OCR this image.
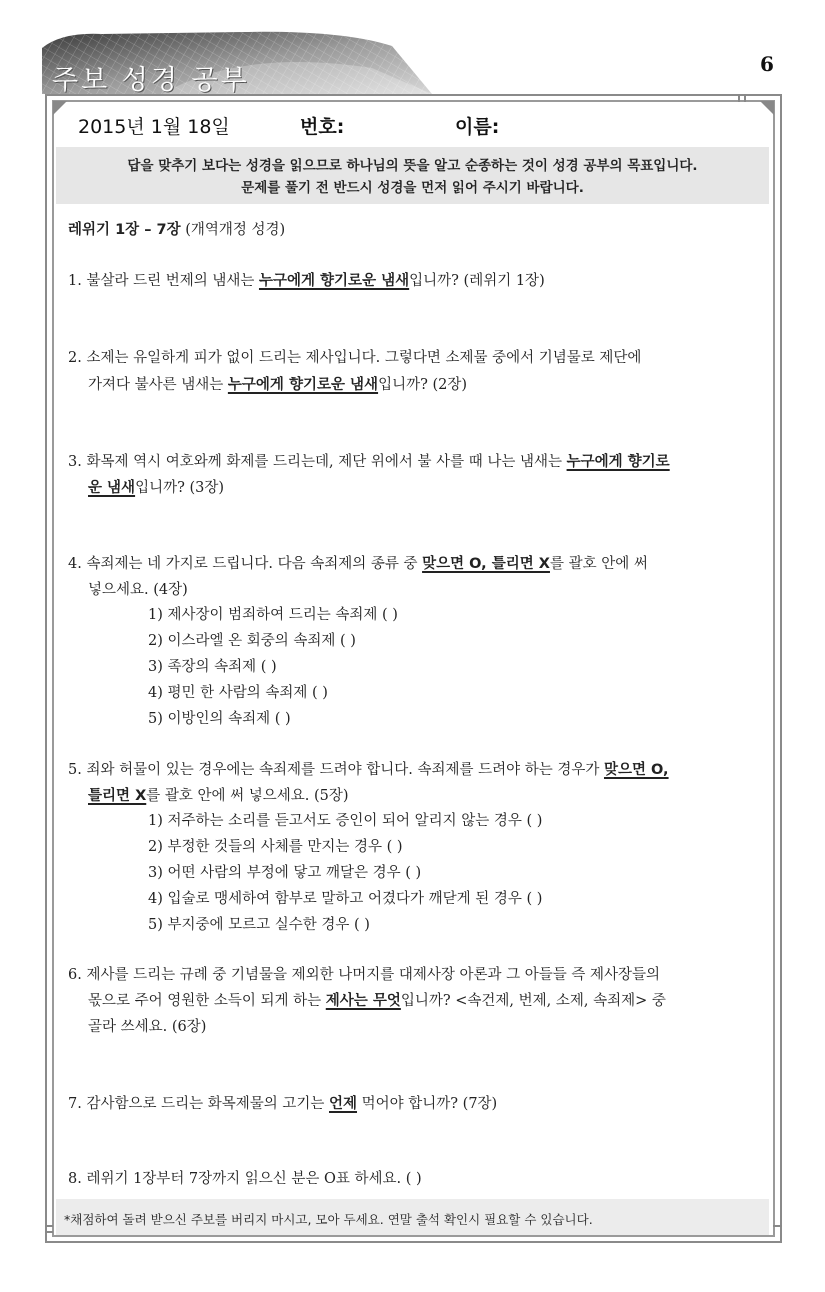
주보 성경 공부
6
2015년 1월 18일	번호:	이름:
답을 맞추기 보다는 성경을 읽으므로 하나님의 뜻을 알고 순종하는 것이 성경 공부의 목표입니다.
문제를 풀기 전 반드시 성경을 먼저 읽어 주시기 바랍니다.
레위기 1장 – 7장 (개역개정 성경)
1. 불살라 드린 번제의 냄새는 누구에게 향기로운 냄새입니까? (레위기 1장)
2. 소제는 유일하게 피가 없이 드리는 제사입니다. 그렇다면 소제물 중에서 기념물로 제단에
가져다 불사른 냄새는 누구에게 향기로운 냄새입니까? (2장)
3. 화목제 역시 여호와께 화제를 드리는데, 제단 위에서 불 사를 때 나는 냄새는 누구에게 향기로
운 냄새입니까? (3장)
4. 속죄제는 네 가지로 드립니다. 다음 속죄제의 종류 중 맞으면 O, 틀리면 X를 괄호 안에 써
넣으세요. (4장)
1) 제사장이 범죄하여 드리는 속죄제 ( )
2) 이스라엘 온 회중의 속죄제 ( )
3) 족장의 속죄제 ( )
4) 평민 한 사람의 속죄제 ( )
5) 이방인의 속죄제 ( )
5. 죄와 허물이 있는 경우에는 속죄제를 드려야 합니다. 속죄제를 드려야 하는 경우가 맞으면 O,
틀리면 X를 괄호 안에 써 넣으세요. (5장)
1) 저주하는 소리를 듣고서도 증인이 되어 알리지 않는 경우 ( )
2) 부정한 것들의 사체를 만지는 경우 ( )
3) 어떤 사람의 부정에 닿고 깨달은 경우 ( )
4) 입술로 맹세하여 함부로 말하고 어겼다가 깨닫게 된 경우 ( )
5) 부지중에 모르고 실수한 경우 ( )
6. 제사를 드리는 규례 중 기념물을 제외한 나머지를 대제사장 아론과 그 아들들 즉 제사장들의
몫으로 주어 영원한 소득이 되게 하는 제사는 무엇입니까? <속건제, 번제, 소제, 속죄제> 중
골라 쓰세요. (6장)
7. 감사함으로 드리는 화목제물의 고기는 언제 먹어야 합니까? (7장)
8. 레위기 1장부터 7장까지 읽으신 분은 O표 하세요. ( )
*채점하여 돌려 받으신 주보를 버리지 마시고, 모아 두세요. 연말 출석 확인시 필요할 수 있습니다.
